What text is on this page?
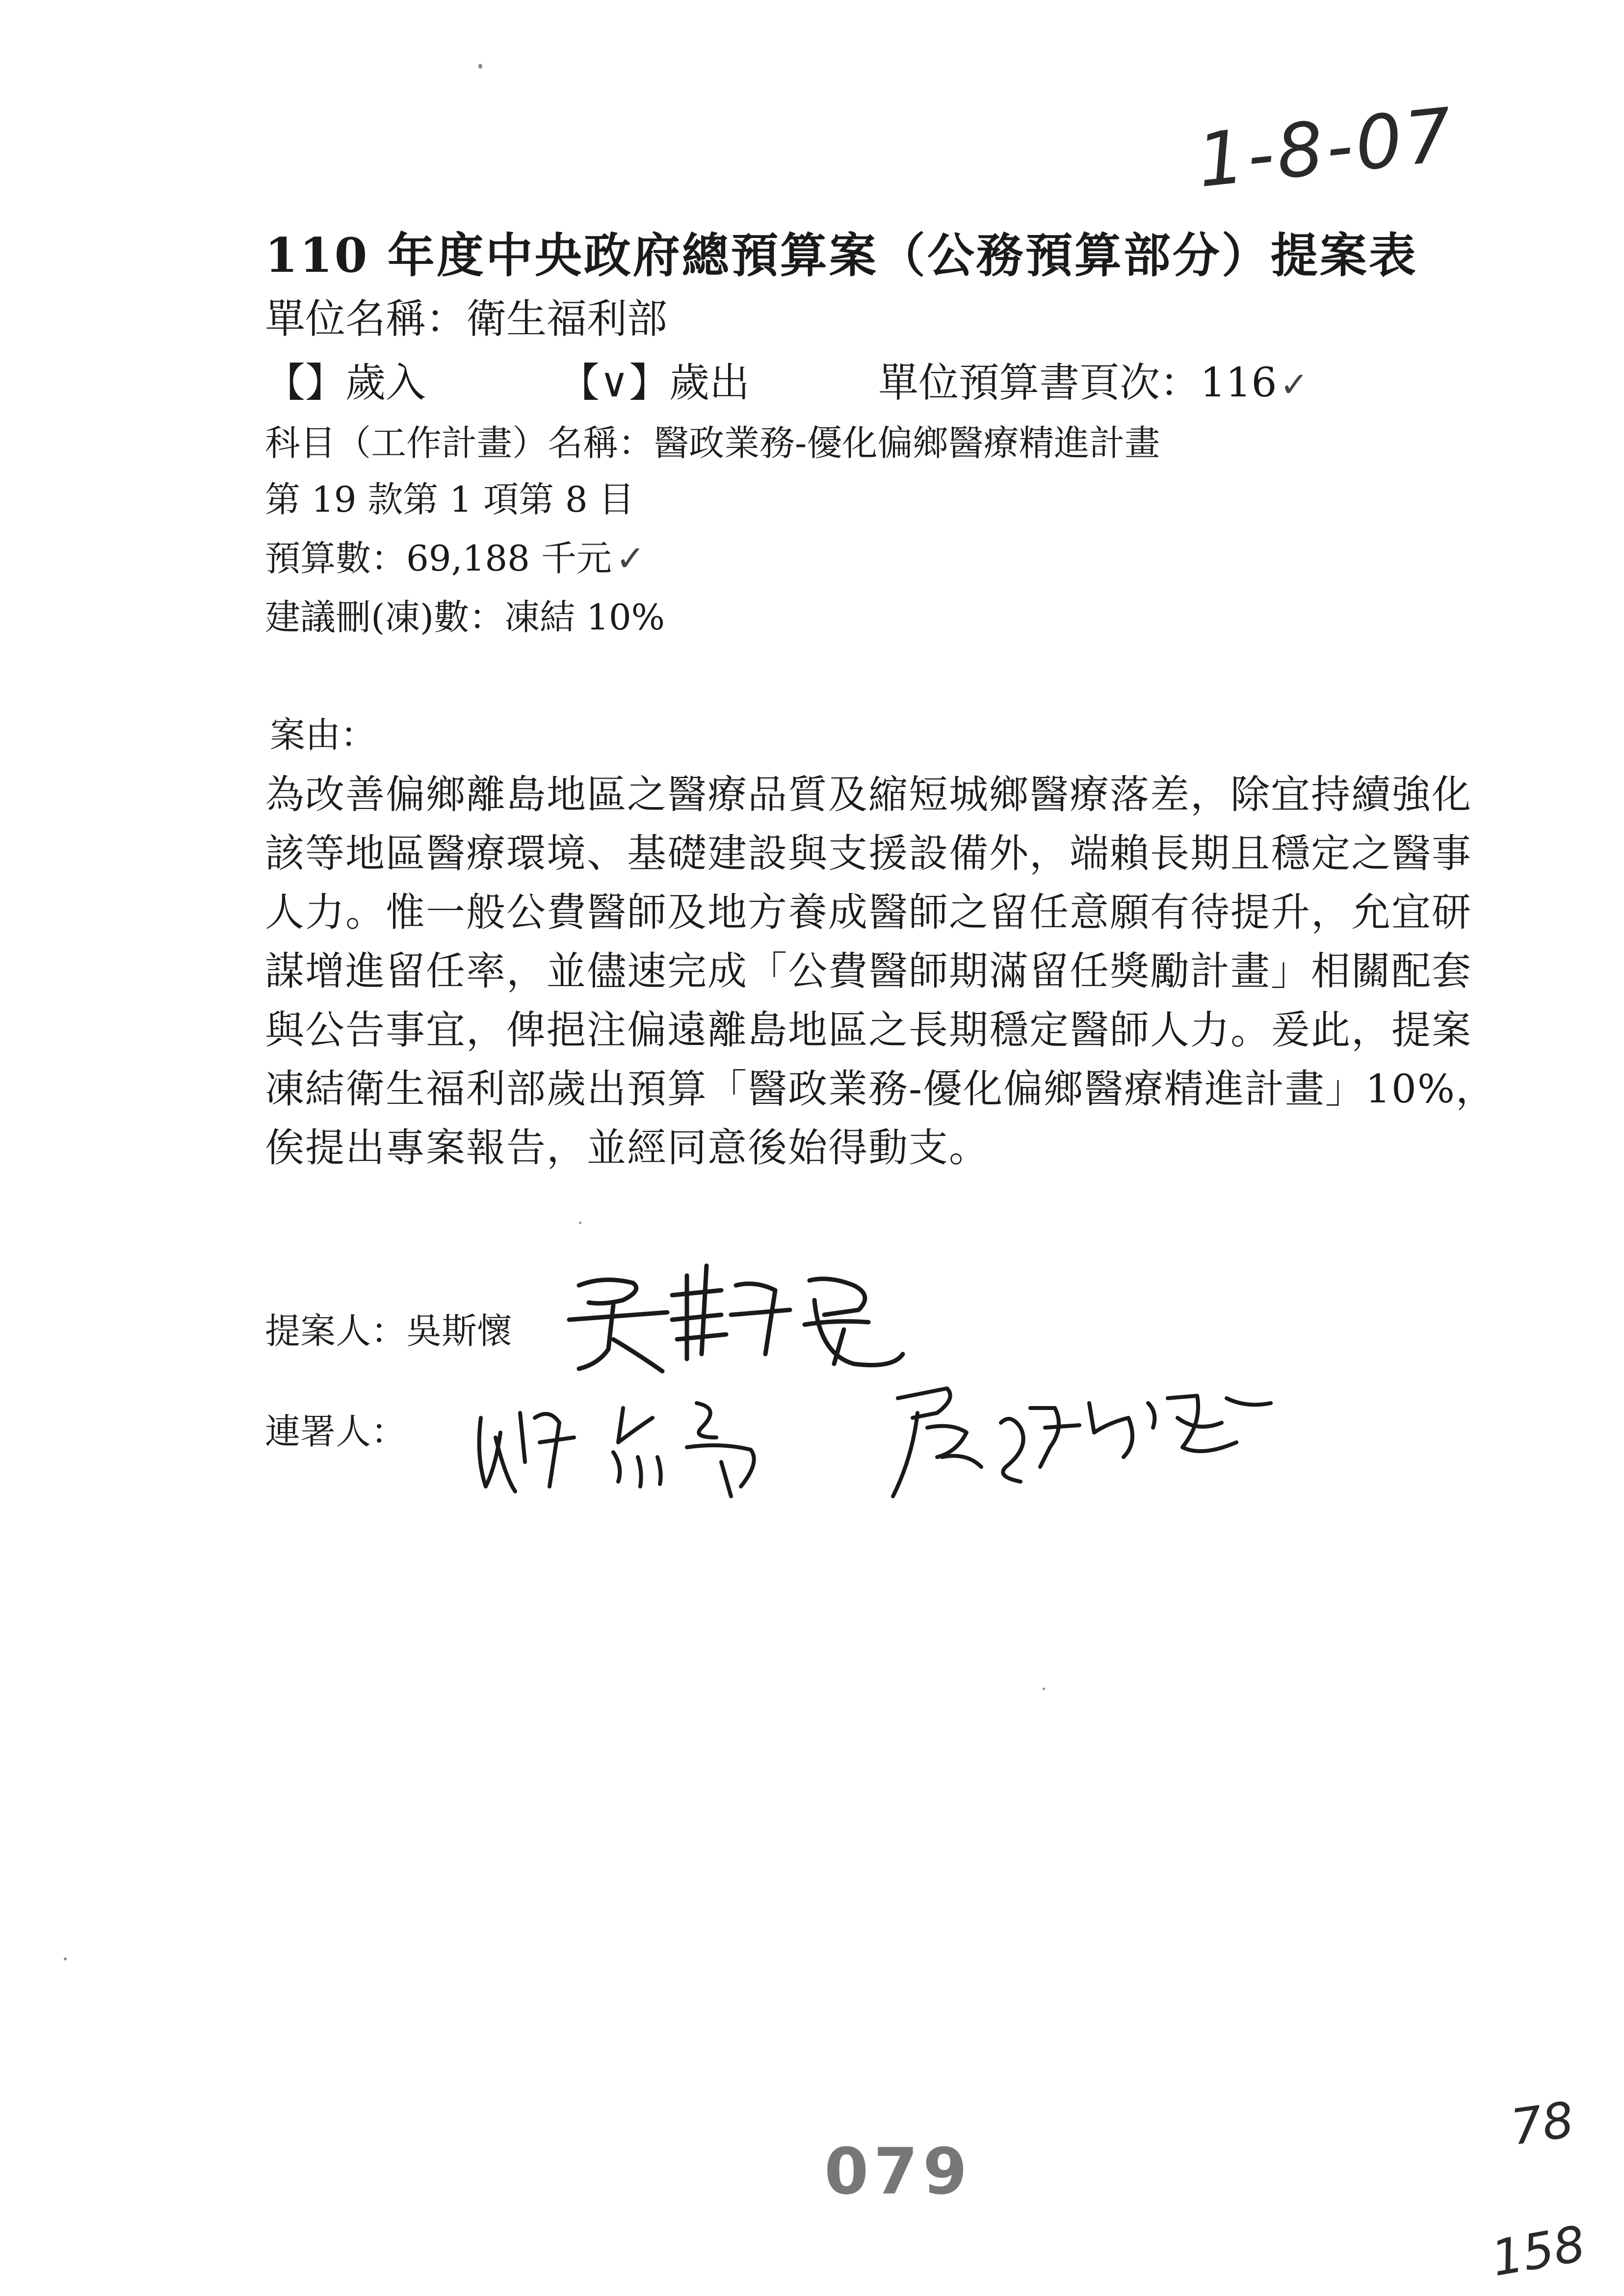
1-8-07
110 年度中央政府總預算案（公務預算部分）提案表
單位名稱：衛生福利部
【】歲入	【∨】歲出	單位預算書頁次：116✓
科目（工作計畫）名稱：醫政業務-優化偏鄉醫療精進計畫
第 19 款第 1 項第 8 目
預算數：69,188 千元 ✓
建議刪(凍)數：凍結 10%
案由：
為改善偏鄉離島地區之醫療品質及縮短城鄉醫療落差，除宜持續強化
該等地區醫療環境、基礎建設與支援設備外，端賴長期且穩定之醫事
人力。惟一般公費醫師及地方養成醫師之留任意願有待提升，允宜研
謀增進留任率，並儘速完成「公費醫師期滿留任獎勵計畫」相關配套
與公告事宜，俾挹注偏遠離島地區之長期穩定醫師人力。爰此，提案
凍結衛生福利部歲出預算「醫政業務-優化偏鄉醫療精進計畫」10%，
俟提出專案報告，並經同意後始得動支。
提案人：吳斯懷
連署人：
079
78
158
